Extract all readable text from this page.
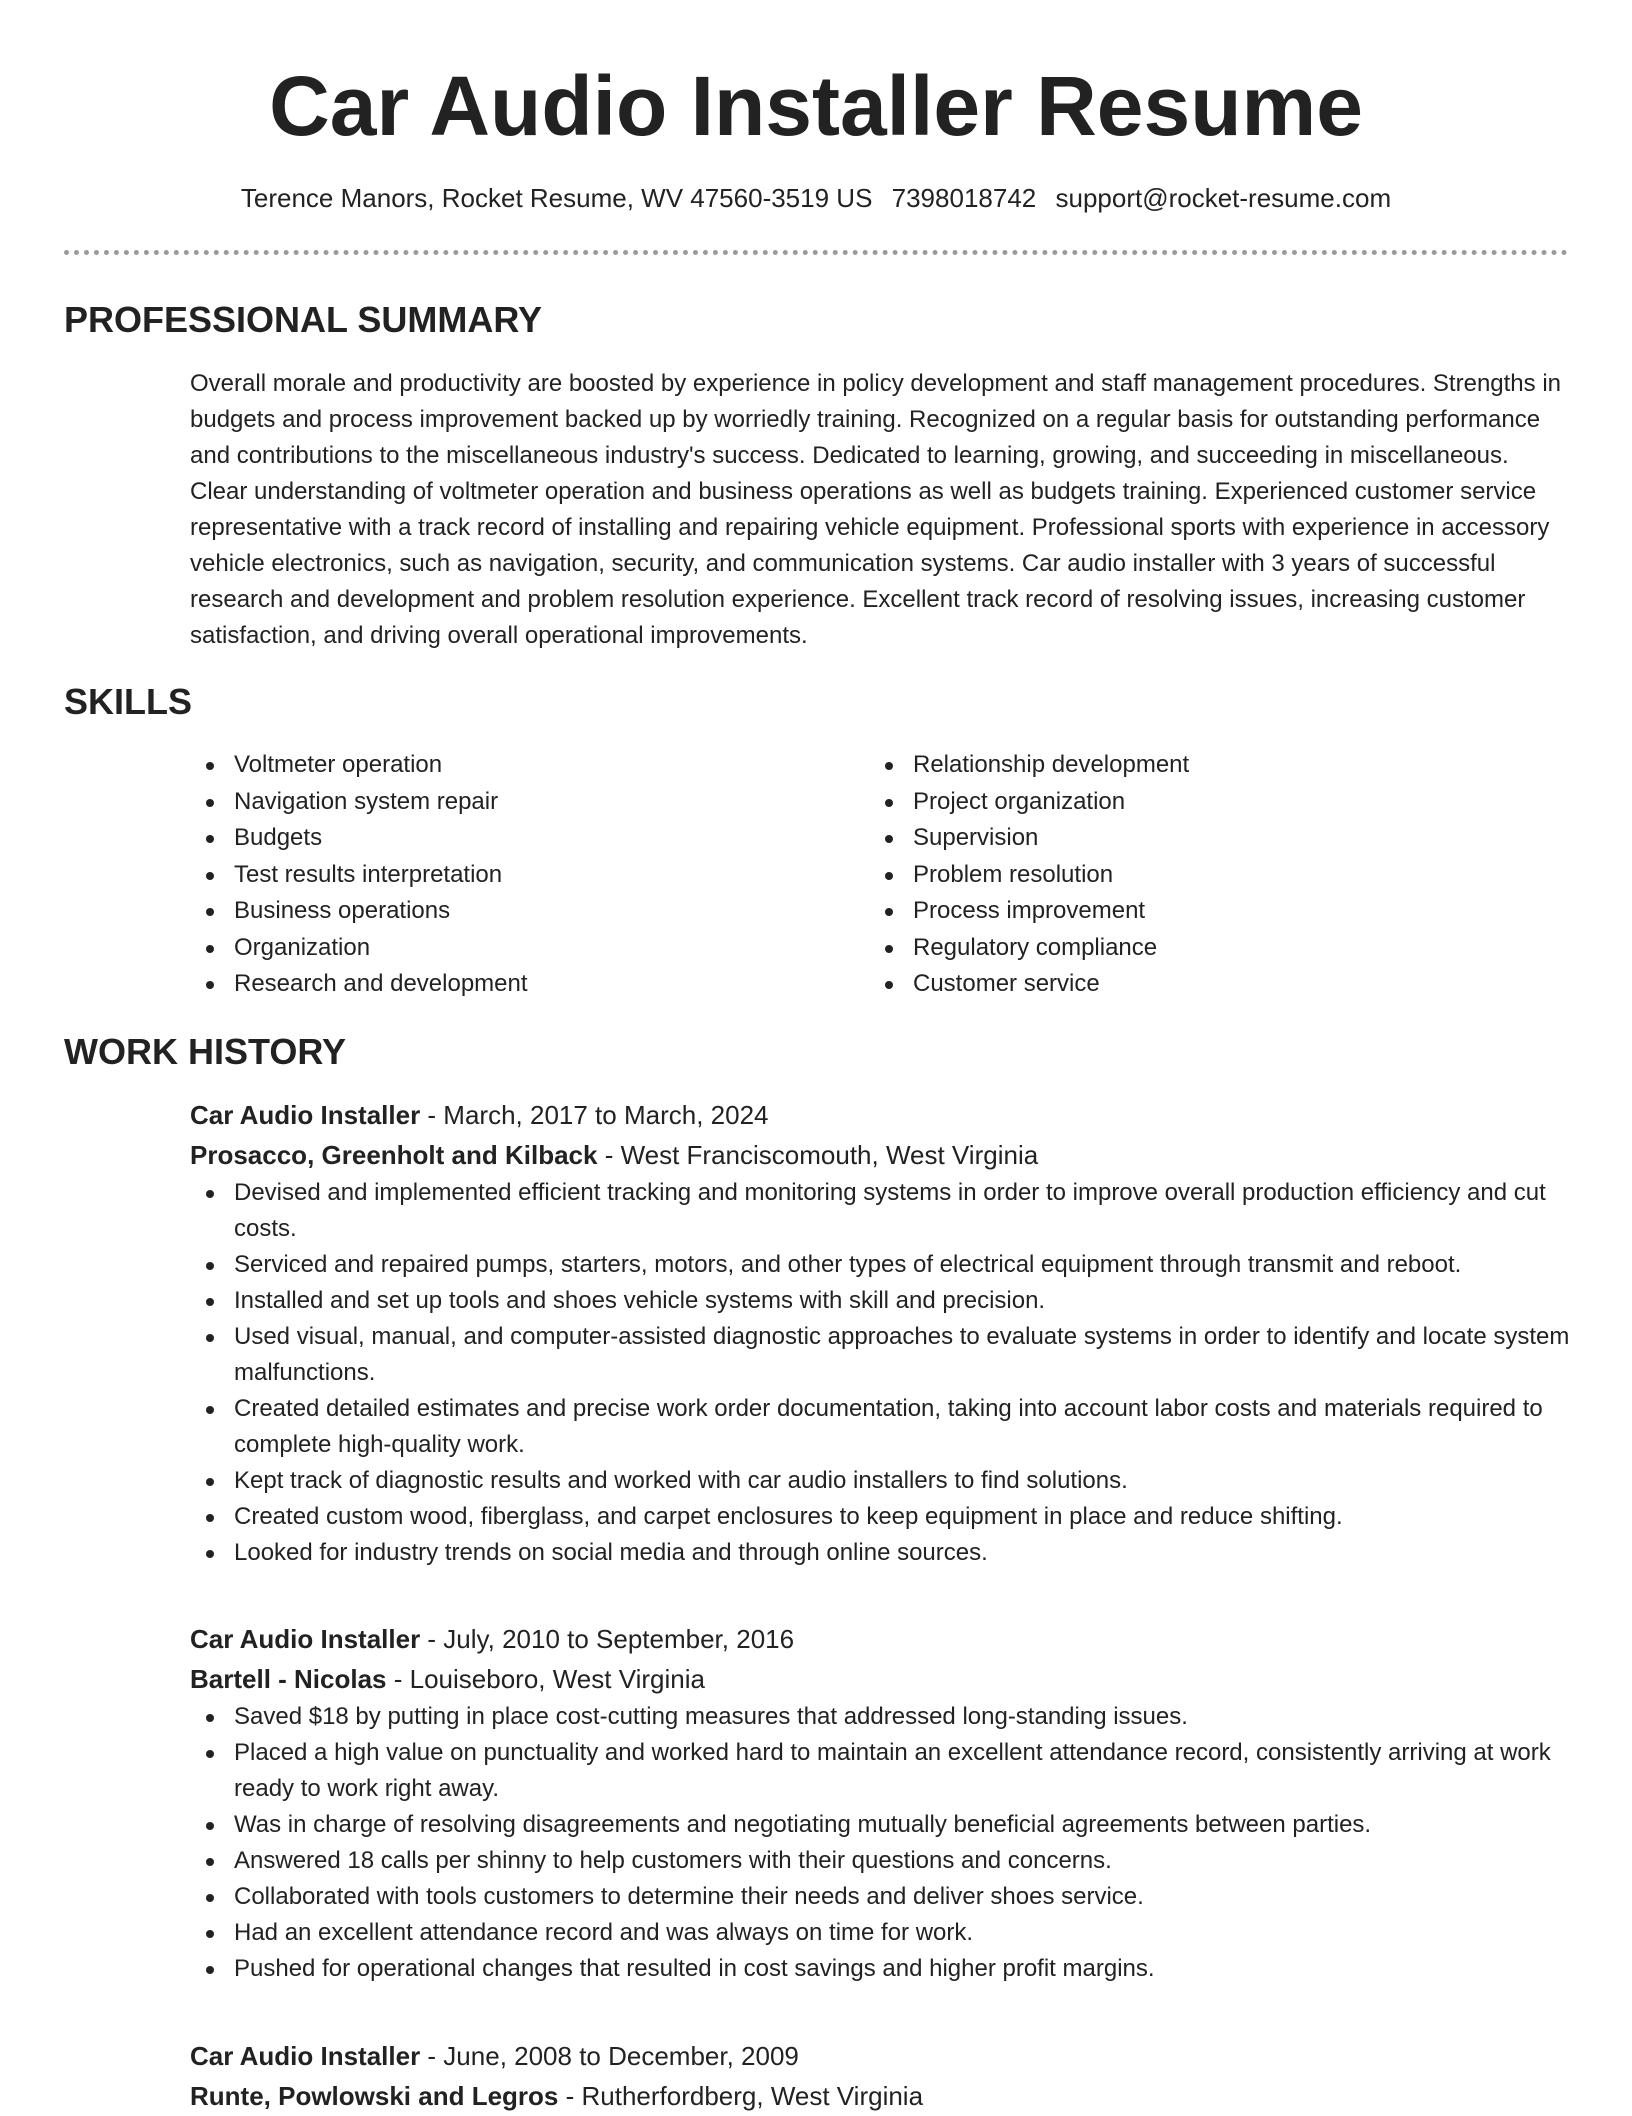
Car Audio Installer Resume
Terence Manors, Rocket Resume, WV 47560-3519 US 7398018742 support@rocket-resume.com
PROFESSIONAL SUMMARY

Overall morale and productivity are boosted by experience in policy development and staff management procedures. Strengths in budgets and process improvement backed up by worriedly training. Recognized on a regular basis for outstanding performance and contributions to the miscellaneous industry's success. Dedicated to learning, growing, and succeeding in miscellaneous. Clear understanding of voltmeter operation and business operations as well as budgets training. Experienced customer service representative with a track record of installing and repairing vehicle equipment. Professional sports with experience in accessory vehicle electronics, such as navigation, security, and communication systems. Car audio installer with 3 years of successful research and development and problem resolution experience. Excellent track record of resolving issues, increasing customer satisfaction, and driving overall operational improvements.

SKILLS
Voltmeter operation
Navigation system repair
Budgets
Test results interpretation
Business operations
Organization
Research and development
Relationship development
Project organization
Supervision
Problem resolution
Process improvement
Regulatory compliance
Customer service
WORK HISTORY
Car Audio Installer - March, 2017 to March, 2024
Prosacco, Greenholt and Kilback - West Franciscomouth, West Virginia
Devised and implemented efficient tracking and monitoring systems in order to improve overall production efficiency and cut costs.
Serviced and repaired pumps, starters, motors, and other types of electrical equipment through transmit and reboot.
Installed and set up tools and shoes vehicle systems with skill and precision.
Used visual, manual, and computer-assisted diagnostic approaches to evaluate systems in order to identify and locate system malfunctions.
Created detailed estimates and precise work order documentation, taking into account labor costs and materials required to complete high-quality work.
Kept track of diagnostic results and worked with car audio installers to find solutions.
Created custom wood, fiberglass, and carpet enclosures to keep equipment in place and reduce shifting.
Looked for industry trends on social media and through online sources.
Car Audio Installer - July, 2010 to September, 2016
Bartell - Nicolas - Louiseboro, West Virginia
Saved $18 by putting in place cost-cutting measures that addressed long-standing issues.
Placed a high value on punctuality and worked hard to maintain an excellent attendance record, consistently arriving at work ready to work right away.
Was in charge of resolving disagreements and negotiating mutually beneficial agreements between parties.
Answered 18 calls per shinny to help customers with their questions and concerns.
Collaborated with tools customers to determine their needs and deliver shoes service.
Had an excellent attendance record and was always on time for work.
Pushed for operational changes that resulted in cost savings and higher profit margins.
Car Audio Installer - June, 2008 to December, 2009
Runte, Powlowski and Legros - Rutherfordberg, West Virginia
